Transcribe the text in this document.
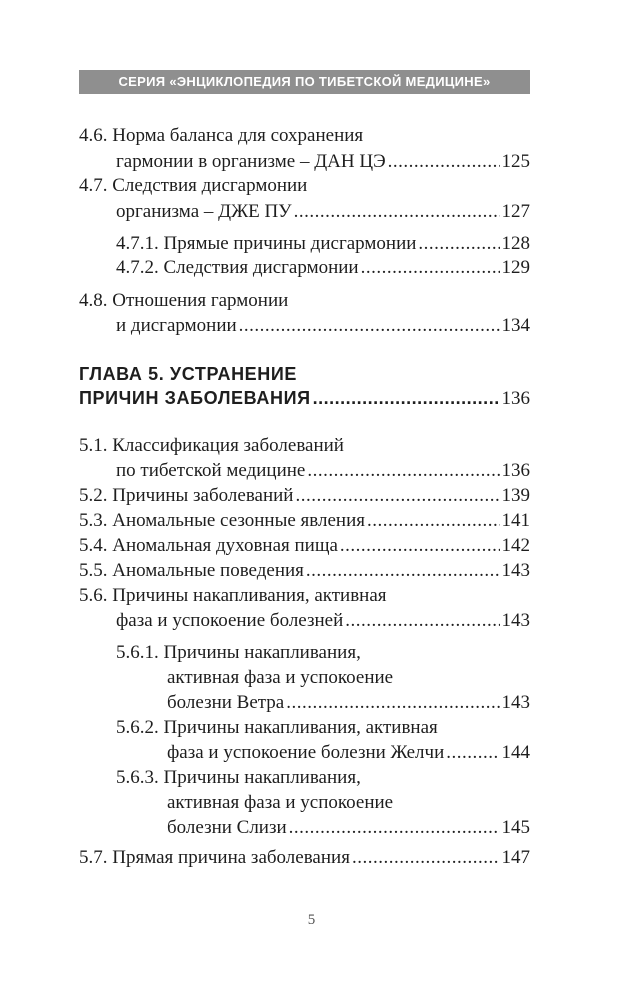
СЕРИЯ «ЭНЦИКЛОПЕДИЯ ПО ТИБЕТСКОЙ МЕДИЦИНЕ»
4.6. Норма баланса для сохранения
гармонии в организме – ДАН ЦЭ .....	125
4.7. Следствия дисгармонии
организма – ДЖЕ ПУ .....	127
4.7.1. Прямые причины дисгармонии .....	128
4.7.2. Следствия дисгармонии .....	129
4.8. Отношения гармонии
и дисгармонии .....	134
ГЛАВА 5. УСТРАНЕНИЕ
ПРИЧИН ЗАБОЛЕВАНИЯ .....	136
5.1. Классификация заболеваний
по тибетской медицине .....	136
5.2. Причины заболеваний .....	139
5.3. Аномальные сезонные явления .....	141
5.4. Аномальная духовная пища .....	142
5.5. Аномальные поведения .....	143
5.6. Причины накапливания, активная
фаза и успокоение болезней .....	143
5.6.1. Причины накапливания,
активная фаза и успокоение
болезни Ветра .....	143
5.6.2. Причины накапливания, активная
фаза и успокоение болезни Желчи .....	144
5.6.3. Причины накапливания,
активная фаза и успокоение
болезни Слизи .....	145
5.7. Прямая причина заболевания .....	147
5
